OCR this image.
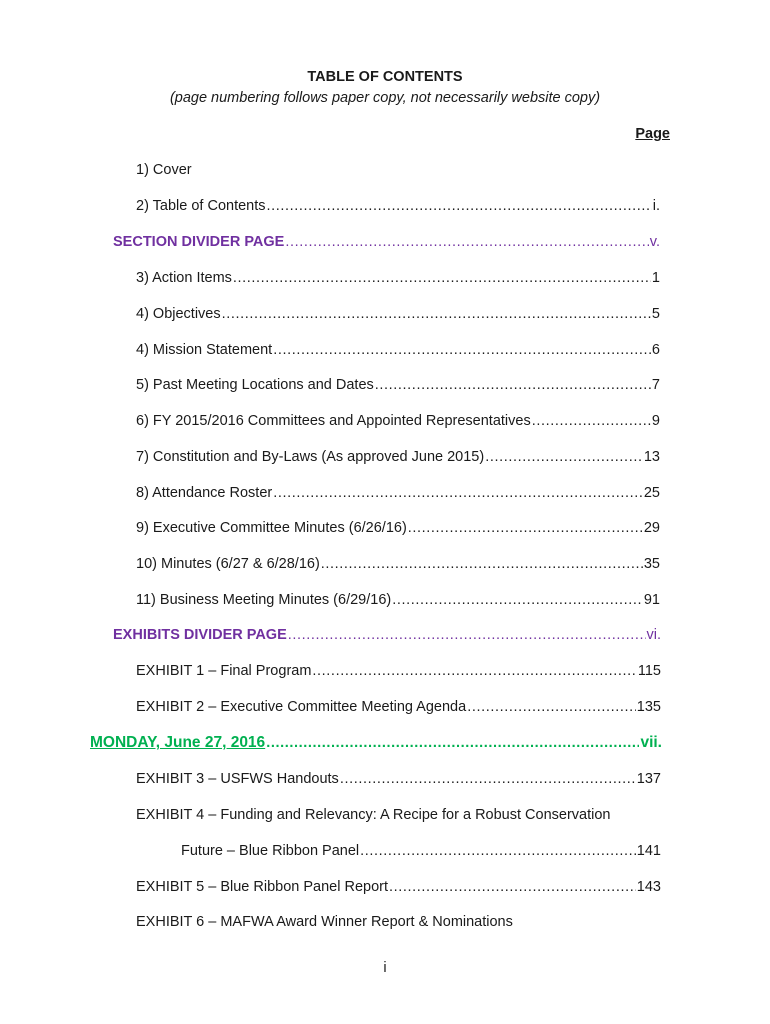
TABLE OF CONTENTS
(page numbering follows paper copy, not necessarily website copy)
Page
1) Cover
2) Table of Contents .....	i.
SECTION DIVIDER PAGE .....	v.
3) Action Items .....	1
4) Objectives .....	5
4) Mission Statement .....	6
5) Past Meeting Locations and Dates .....	7
6) FY 2015/2016 Committees and Appointed Representatives .....	9
7) Constitution and By-Laws (As approved June 2015) .....	13
8) Attendance Roster .....	25
9) Executive Committee Minutes (6/26/16) .....	29
10) Minutes (6/27 & 6/28/16) .....	35
11) Business Meeting Minutes (6/29/16) .....	91
EXHIBITS DIVIDER PAGE .....	vi.
EXHIBIT 1 – Final Program .....	115
EXHIBIT 2 – Executive Committee Meeting Agenda .....	135
MONDAY, June 27, 2016 .....	vii.
EXHIBIT 3 – USFWS Handouts .....	137
EXHIBIT 4 – Funding and Relevancy: A Recipe for a Robust Conservation
Future – Blue Ribbon Panel .....	141
EXHIBIT 5 – Blue Ribbon Panel Report .....	143
EXHIBIT 6 – MAFWA Award Winner Report & Nominations
i
